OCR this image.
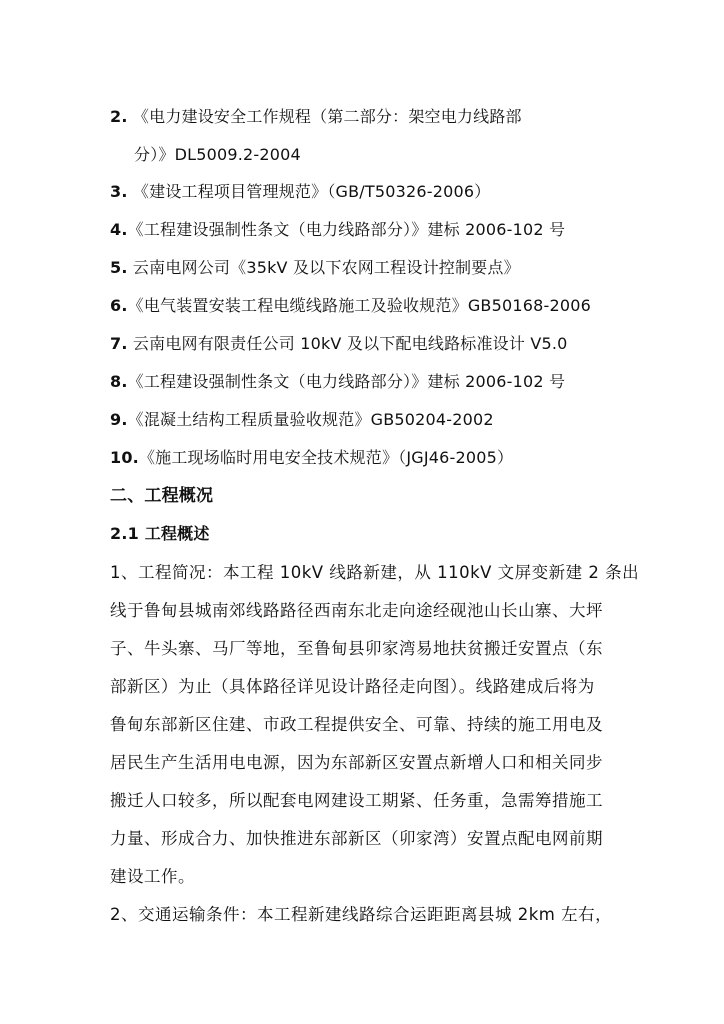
2. 《电力建设安全工作规程（第二部分：架空电力线路部
分）》DL5009.2-2004
3. 《建设工程项目管理规范》（GB/T50326-2006）
4.《工程建设强制性条文（电力线路部分）》建标 2006-102 号
5. 云南电网公司《35kV 及以下农网工程设计控制要点》
6.《电气装置安装工程电缆线路施工及验收规范》GB50168-2006
7. 云南电网有限责任公司 10kV 及以下配电线路标准设计 V5.0
8.《工程建设强制性条文（电力线路部分）》建标 2006-102 号
9.《混凝土结构工程质量验收规范》GB50204-2002
10.《施工现场临时用电安全技术规范》（JGJ46-2005）
二、工程概况
2.1 工程概述
1、工程简况：本工程 10kV 线路新建，从 110kV 文屏变新建 2 条出
线于鲁甸县城南郊线路路径西南东北走向途经砚池山长山寨、大坪
子、牛头寨、马厂等地，至鲁甸县卯家湾易地扶贫搬迁安置点（东
部新区）为止（具体路径详见设计路径走向图）。线路建成后将为
鲁甸东部新区住建、市政工程提供安全、可靠、持续的施工用电及
居民生产生活用电电源，因为东部新区安置点新增人口和相关同步
搬迁人口较多，所以配套电网建设工期紧、任务重，急需筹措施工
力量、形成合力、加快推进东部新区（卯家湾）安置点配电网前期
建设工作。
2、交通运输条件：本工程新建线路综合运距距离县城 2km 左右，
